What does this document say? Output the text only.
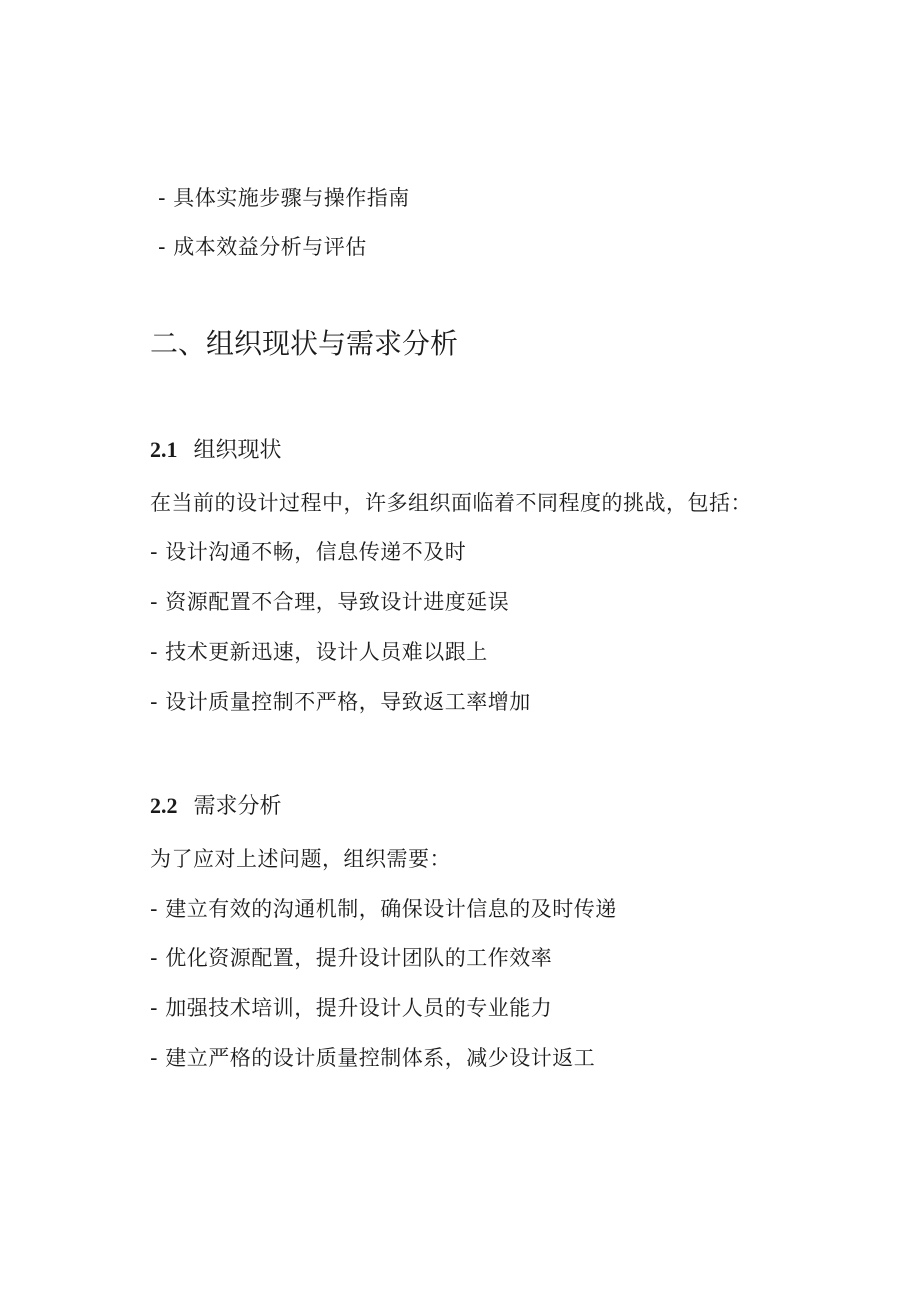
- 具体实施步骤与操作指南
- 成本效益分析与评估
二、组织现状与需求分析
2.1 组织现状
在当前的设计过程中，许多组织面临着不同程度的挑战，包括：
- 设计沟通不畅，信息传递不及时
- 资源配置不合理，导致设计进度延误
- 技术更新迅速，设计人员难以跟上
- 设计质量控制不严格，导致返工率增加
2.2 需求分析
为了应对上述问题，组织需要：
- 建立有效的沟通机制，确保设计信息的及时传递
- 优化资源配置，提升设计团队的工作效率
- 加强技术培训，提升设计人员的专业能力
- 建立严格的设计质量控制体系，减少设计返工
